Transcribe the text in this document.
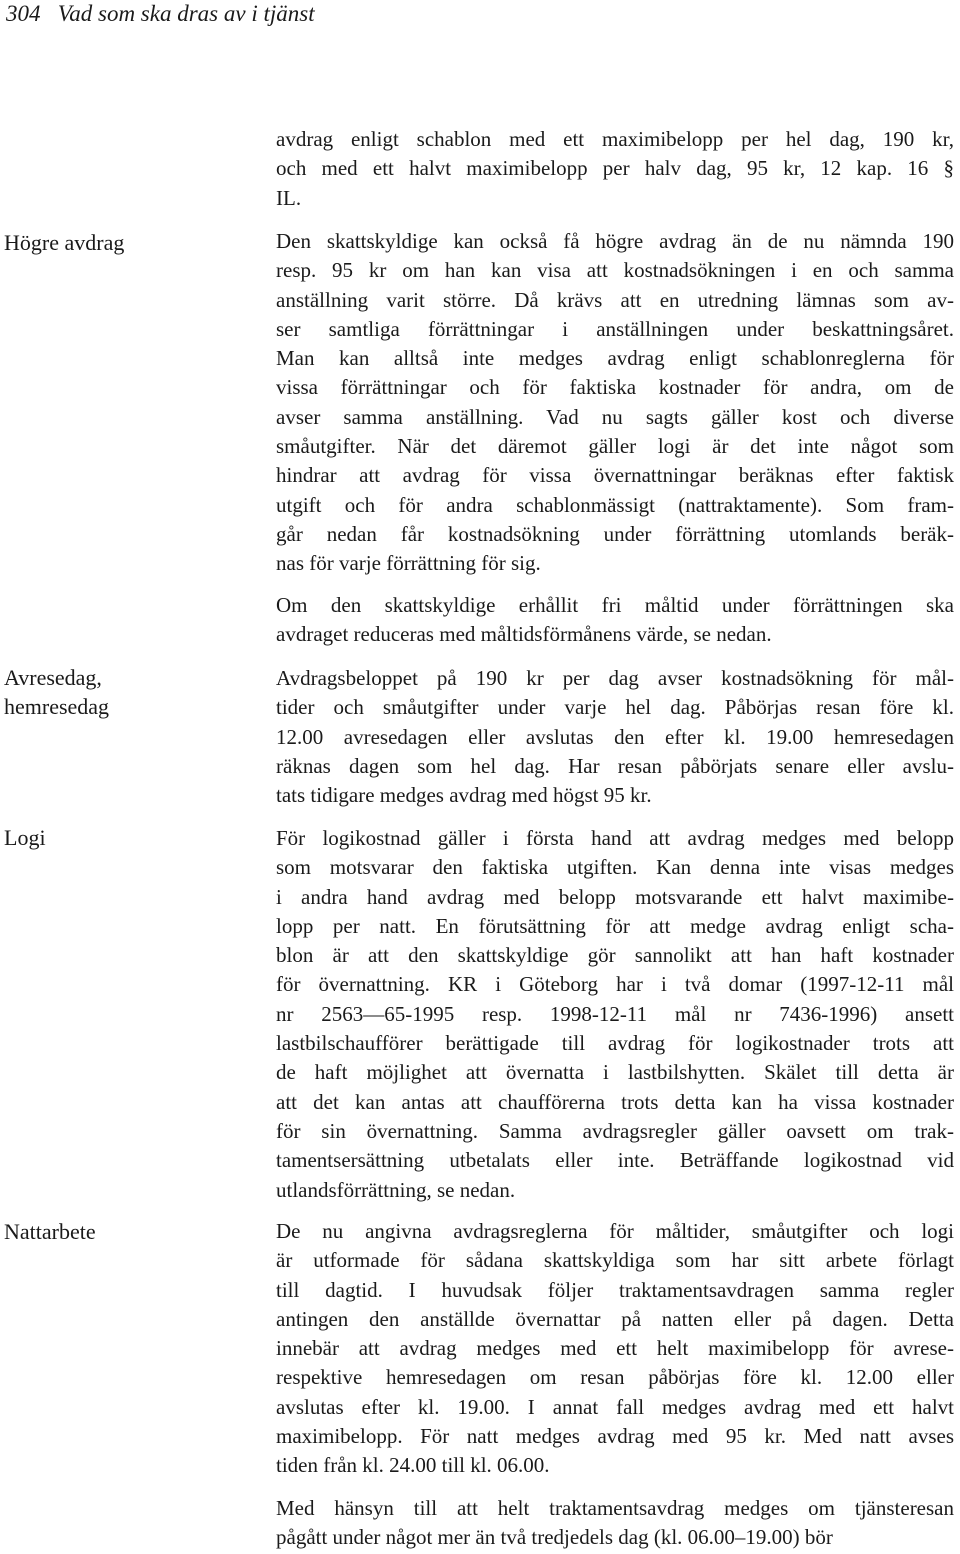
304 Vad som ska dras av i tjänst
Högre avdrag
Avresedag,
hemresedag
Logi
Nattarbete
avdrag enligt schablon med ett maximibelopp per hel dag, 190 kr,
och med ett halvt maximibelopp per halv dag, 95 kr, 12 kap. 16 §
IL.
Den skattskyldige kan också få högre avdrag än de nu nämnda 190
resp. 95 kr om han kan visa att kostnadsökningen i en och samma
anställning varit större. Då krävs att en utredning lämnas som av-
ser samtliga förrättningar i anställningen under beskattningsåret.
Man kan alltså inte medges avdrag enligt schablonreglerna för
vissa förrättningar och för faktiska kostnader för andra, om de
avser samma anställning. Vad nu sagts gäller kost och diverse
småutgifter. När det däremot gäller logi är det inte något som
hindrar att avdrag för vissa övernattningar beräknas efter faktisk
utgift och för andra schablonmässigt (nattraktamente). Som fram-
går nedan får kostnadsökning under förrättning utomlands beräk-
nas för varje förrättning för sig.
Om den skattskyldige erhållit fri måltid under förrättningen ska
avdraget reduceras med måltidsförmånens värde, se nedan.
Avdragsbeloppet på 190 kr per dag avser kostnadsökning för mål-
tider och småutgifter under varje hel dag. Påbörjas resan före kl.
12.00 avresedagen eller avslutas den efter kl. 19.00 hemresedagen
räknas dagen som hel dag. Har resan påbörjats senare eller avslu-
tats tidigare medges avdrag med högst 95 kr.
För logikostnad gäller i första hand att avdrag medges med belopp
som motsvarar den faktiska utgiften. Kan denna inte visas medges
i andra hand avdrag med belopp motsvarande ett halvt maximibe-
lopp per natt. En förutsättning för att medge avdrag enligt scha-
blon är att den skattskyldige gör sannolikt att han haft kostnader
för övernattning. KR i Göteborg har i två domar (1997-12-11 mål
nr 2563—65-1995 resp. 1998-12-11 mål nr 7436-1996) ansett
lastbilschaufförer berättigade till avdrag för logikostnader trots att
de haft möjlighet att övernatta i lastbilshytten. Skälet till detta är
att det kan antas att chaufförerna trots detta kan ha vissa kostnader
för sin övernattning. Samma avdragsregler gäller oavsett om trak-
tamentsersättning utbetalats eller inte. Beträffande logikostnad vid
utlandsförrättning, se nedan.
De nu angivna avdragsreglerna för måltider, småutgifter och logi
är utformade för sådana skattskyldiga som har sitt arbete förlagt
till dagtid. I huvudsak följer traktamentsavdragen samma regler
antingen den anställde övernattar på natten eller på dagen. Detta
innebär att avdrag medges med ett helt maximibelopp för avrese-
respektive hemresedagen om resan påbörjas före kl. 12.00 eller
avslutas efter kl. 19.00. I annat fall medges avdrag med ett halvt
maximibelopp. För natt medges avdrag med 95 kr. Med natt avses
tiden från kl. 24.00 till kl. 06.00.
Med hänsyn till att helt traktamentsavdrag medges om tjänsteresan
pågått under något mer än två tredjedels dag (kl. 06.00–19.00) bör
